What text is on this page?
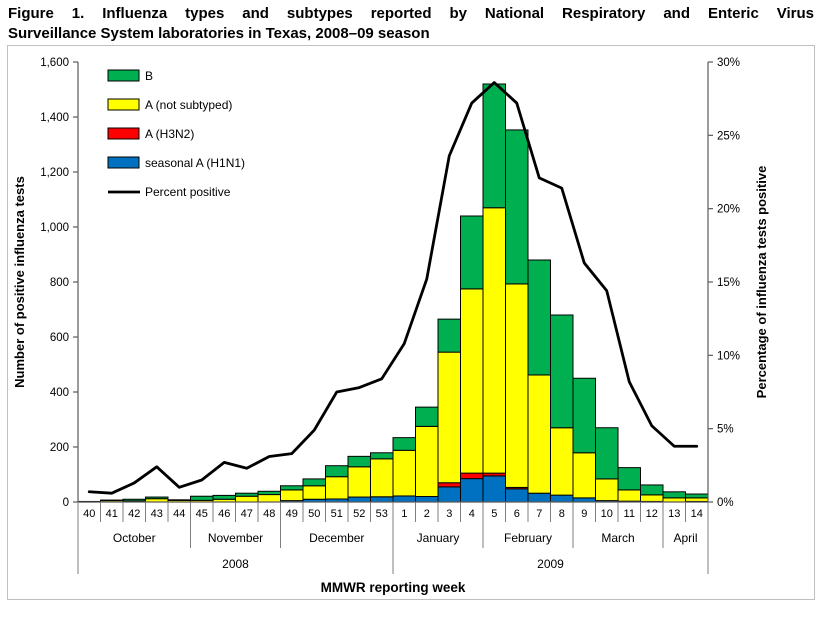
Figure 1. Influenza types and subtypes reported by National Respiratory and Enteric Virus
Surveillance System laboratories in Texas, 2008–09 season
0
200
400
600
800
1,000
1,200
1,400
1,600
0%
5%
10%
15%
20%
25%
30%
40 41 42 43 44 45 46 47 48 49 50 51 52 53 1 2 3 4 5 6 7 8 9 10 11 12 13 14
October	November	December	January	February	March	April
2008	2009
MMWR reporting week
Number of positive influenza tests	Percentage of influenza tests positive
B
A (not subtyped)
A (H3N2)
seasonal A (H1N1)
Percent positive
